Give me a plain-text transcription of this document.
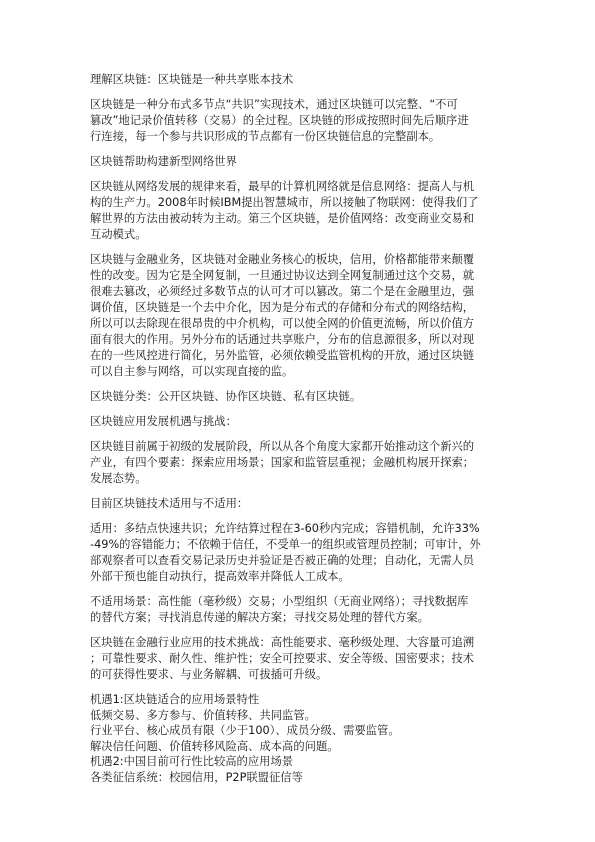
理解区块链：区块链是一种共享账本技术
区块链是一种分布式多节点“共识”实现技术，通过区块链可以完整、“不可
篡改”地记录价值转移（交易）的全过程。区块链的形成按照时间先后顺序进
行连接，每一个参与共识形成的节点都有一份区块链信息的完整副本。
区块链帮助构建新型网络世界
区块链从网络发展的规律来看，最早的计算机网络就是信息网络：提高人与机
构的生产力。2008年时候IBM提出智慧城市，所以接触了物联网：使得我们了
解世界的方法由被动转为主动。第三个区块链，是价值网络：改变商业交易和
互动模式。
区块链与金融业务，区块链对金融业务核心的板块，信用，价格都能带来颠覆
性的改变。因为它是全网复制，一旦通过协议达到全网复制通过这个交易，就
很难去篡改，必须经过多数节点的认可才可以篡改。第二个是在金融里边，强
调价值，区块链是一个去中介化，因为是分布式的存储和分布式的网络结构，
所以可以去除现在很昂贵的中介机构，可以使全网的价值更流畅，所以价值方
面有很大的作用。另外分布的话通过共享账户，分布的信息源很多，所以对现
在的一些风控进行简化，另外监管，必须依赖受监管机构的开放，通过区块链
可以自主参与网络，可以实现直接的监。
区块链分类：公开区块链、协作区块链、私有区块链。
区块链应用发展机遇与挑战：
区块链目前属于初级的发展阶段，所以从各个角度大家都开始推动这个新兴的
产业，有四个要素：探索应用场景；国家和监管层重视；金融机构展开探索；
发展态势。
目前区块链技术适用与不适用：
适用：多结点快速共识；允许结算过程在3-60秒内完成；容错机制，允许33%
-49%的容错能力；不依赖于信任，不受单一的组织或管理员控制；可审计，外
部观察者可以查看交易记录历史并验证是否被正确的处理；自动化，无需人员
外部干预也能自动执行，提高效率并降低人工成本。
不适用场景：高性能（毫秒级）交易；小型组织（无商业网络）；寻找数据库
的替代方案；寻找消息传递的解决方案；寻找交易处理的替代方案。
区块链在金融行业应用的技术挑战：高性能要求、毫秒级处理、大容量可追溯
；可靠性要求、耐久性、维护性；安全可控要求、安全等级、国密要求；技术
的可获得性要求、与业务解耦、可拔插可升级。
机遇1:区块链适合的应用场景特性
低频交易、多方参与、价值转移、共同监管。
行业平台、核心成员有限（少于100）、成员分级、需要监管。
解决信任问题、价值转移风险高、成本高的问题。
机遇2:中国目前可行性比较高的应用场景
各类征信系统：校园信用，P2P联盟征信等
